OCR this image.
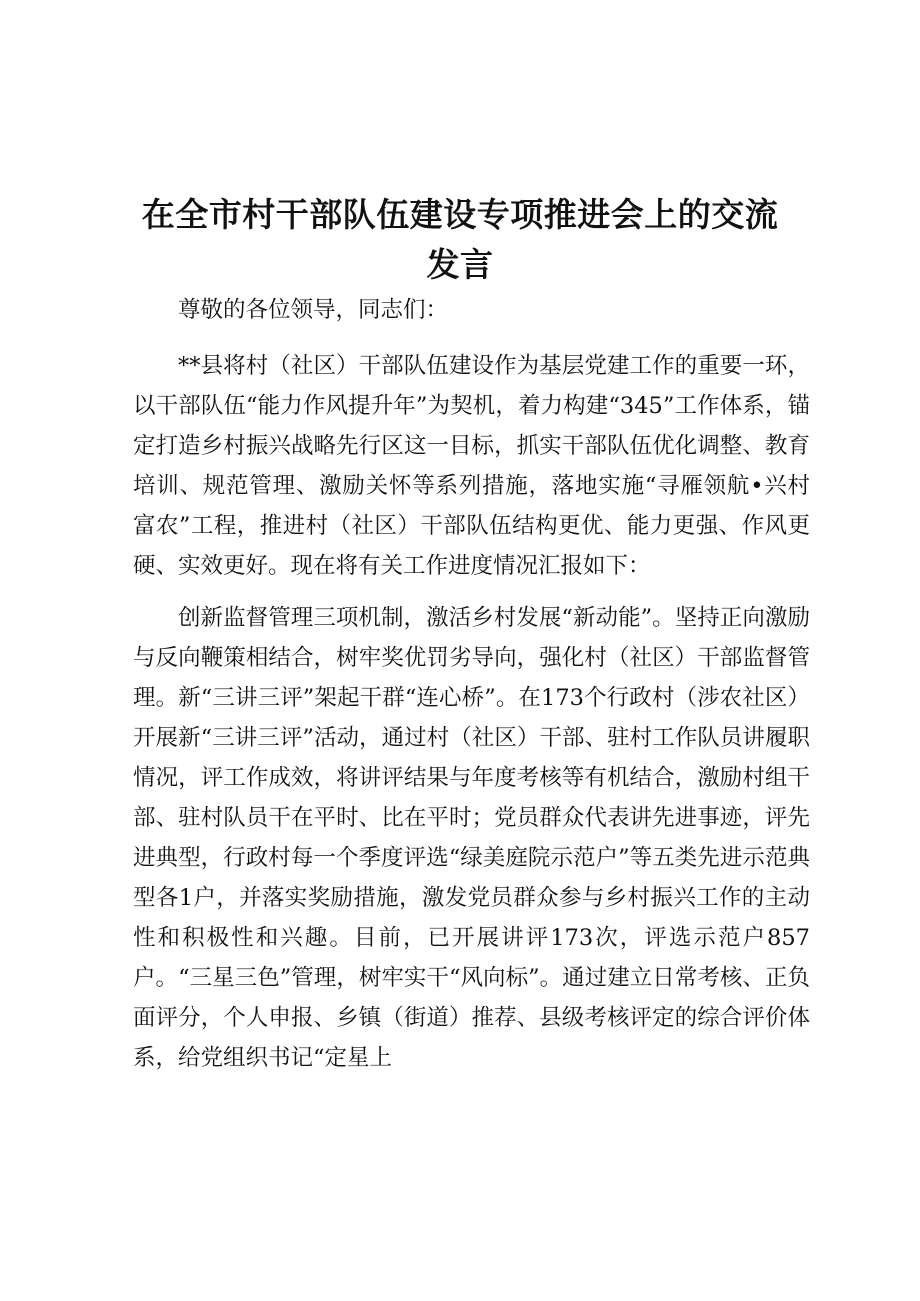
在全市村干部队伍建设专项推进会上的交流发言

尊敬的各位领导，同志们：

**县将村（社区）干部队伍建设作为基层党建工作的重要一环，以干部队伍“能力作风提升年”为契机，着力构建“345”工作体系，锚定打造乡村振兴战略先行区这一目标，抓实干部队伍优化调整、教育培训、规范管理、激励关怀等系列措施，落地实施“寻雁领航•兴村富农”工程，推进村（社区）干部队伍结构更优、能力更强、作风更硬、实效更好。现在将有关工作进度情况汇报如下：

创新监督管理三项机制，激活乡村发展“新动能”。坚持正向激励与反向鞭策相结合，树牢奖优罚劣导向，强化村（社区）干部监督管理。新“三讲三评”架起干群“连心桥”。在173个行政村（涉农社区）开展新“三讲三评”活动，通过村（社区）干部、驻村工作队员讲履职情况，评工作成效，将讲评结果与年度考核等有机结合，激励村组干部、驻村队员干在平时、比在平时；党员群众代表讲先进事迹，评先进典型，行政村每一个季度评选“绿美庭院示范户”等五类先进示范典型各1户，并落实奖励措施，激发党员群众参与乡村振兴工作的主动性和积极性和兴趣。目前，已开展讲评173次，评选示范户857户。“三星三色”管理，树牢实干“风向标”。通过建立日常考核、正负面评分，个人申报、乡镇（街道）推荐、县级考核评定的综合评价体系，给党组织书记“定星上
